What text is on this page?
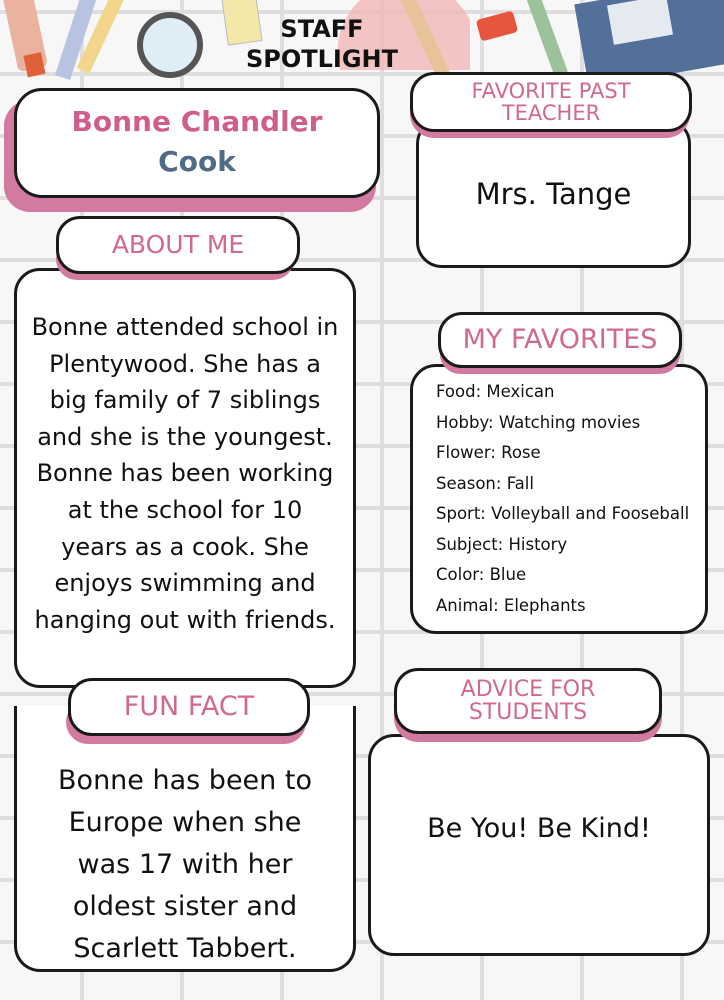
STAFF
SPOTLIGHT
Bonne Chandler
Cook
Mrs. Tange
FAVORITE PAST TEACHER
Bonne attended school in Plentywood. She has a big family of 7 siblings and she is the youngest. Bonne has been working at the school for 10 years as a cook. She enjoys swimming and hanging out with friends.
ABOUT ME
Bonne has been to Europe when she was 17 with her oldest sister and Scarlett Tabbert.
FUN FACT
Food: Mexican
Hobby: Watching movies
Flower: Rose
Season: Fall
Sport: Volleyball and Fooseball
Subject: History
Color: Blue
Animal: Elephants
MY FAVORITES
Be You! Be Kind!
ADVICE FOR
STUDENTS
